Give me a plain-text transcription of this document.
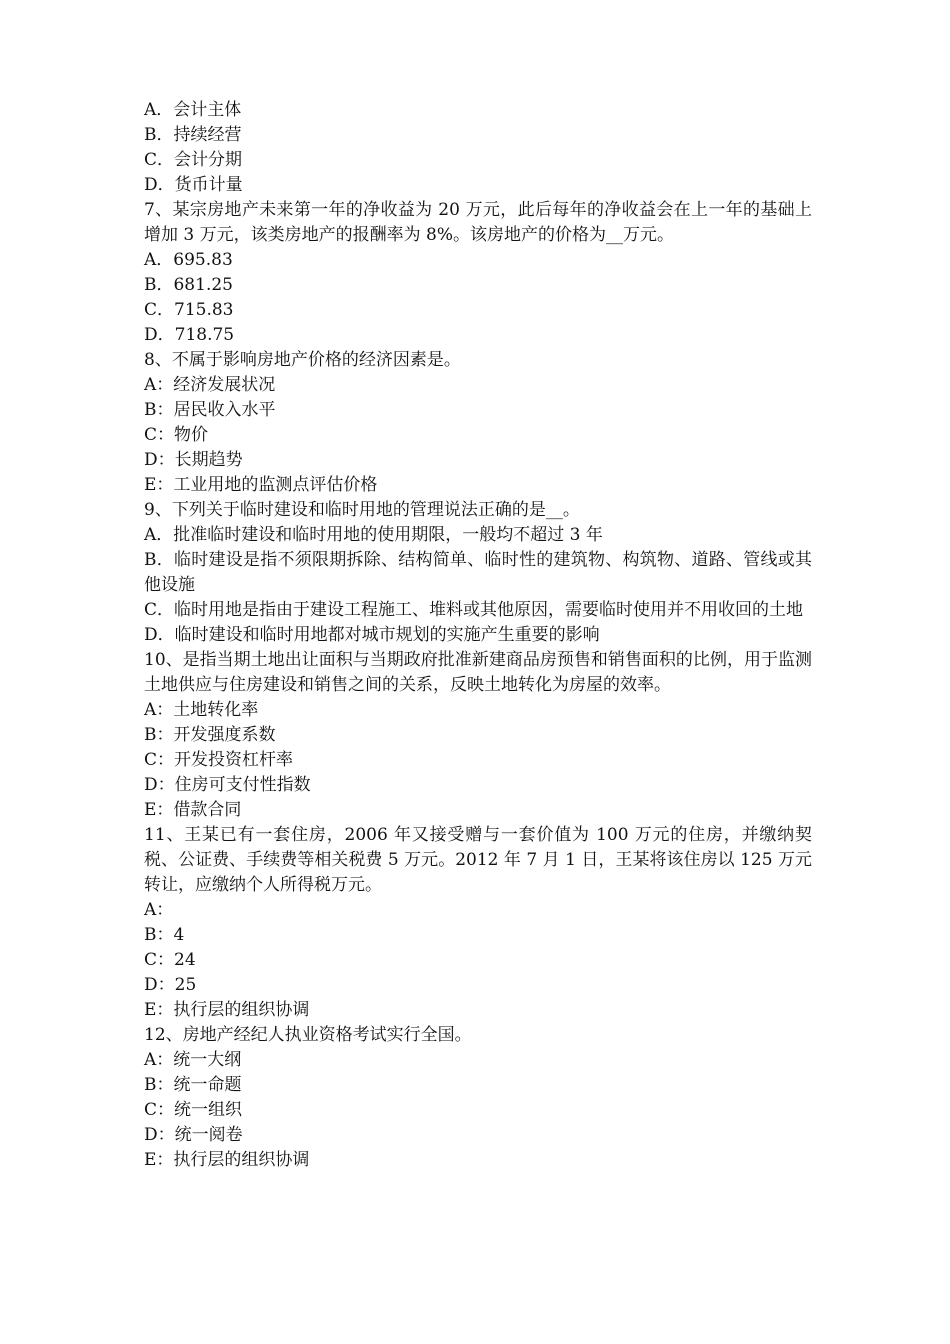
A．会计主体

B．持续经营

C．会计分期

D．货币计量

7、某宗房地产未来第一年的净收益为 20 万元，此后每年的净收益会在上一年的基础上增加 3 万元，该类房地产的报酬率为 8%。该房地产的价格为__万元。

A．695.83

B．681.25

C．715.83

D．718.75

8、不属于影响房地产价格的经济因素是。

A：经济发展状况

B：居民收入水平

C：物价

D：长期趋势

E：工业用地的监测点评估价格

9、下列关于临时建设和临时用地的管理说法正确的是__。

A．批准临时建设和临时用地的使用期限，一般均不超过 3 年

B．临时建设是指不须限期拆除、结构简单、临时性的建筑物、构筑物、道路、管线或其他设施

C．临时用地是指由于建设工程施工、堆料或其他原因，需要临时使用并不用收回的土地

D．临时建设和临时用地都对城市规划的实施产生重要的影响

10、是指当期土地出让面积与当期政府批准新建商品房预售和销售面积的比例，用于监测土地供应与住房建设和销售之间的关系，反映土地转化为房屋的效率。

A：土地转化率

B：开发强度系数

C：开发投资杠杆率

D：住房可支付性指数

E：借款合同

11、王某已有一套住房，2006 年又接受赠与一套价值为 100 万元的住房，并缴纳契税、公证费、手续费等相关税费 5 万元。2012 年 7 月 1 日，王某将该住房以 125 万元转让，应缴纳个人所得税万元。

A：

B：4

C：24

D：25

E：执行层的组织协调

12、房地产经纪人执业资格考试实行全国。

A：统一大纲

B：统一命题

C：统一组织

D：统一阅卷

E：执行层的组织协调
